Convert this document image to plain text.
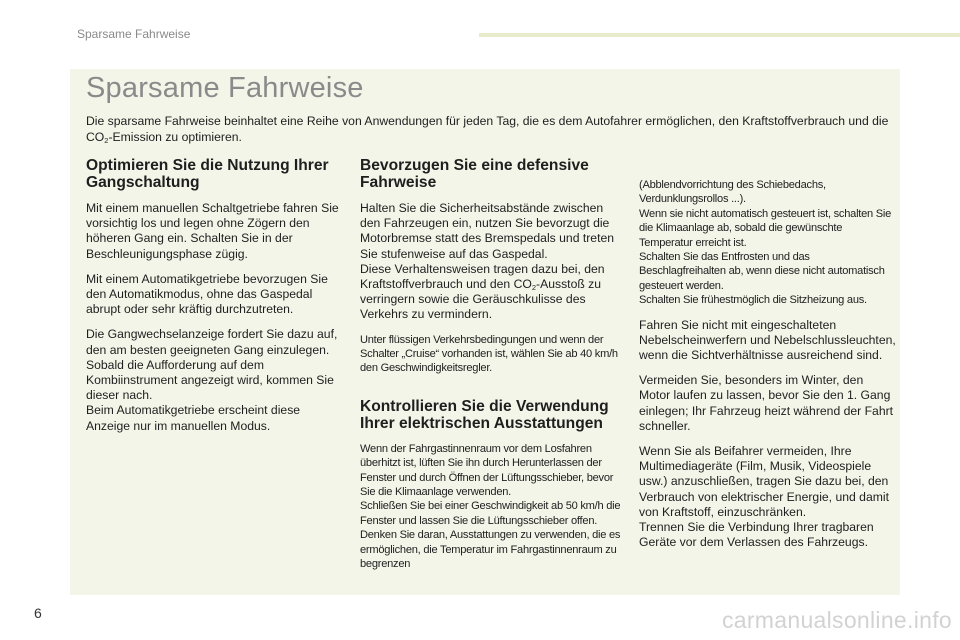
Sparsame Fahrweise
Sparsame Fahrweise

Die sparsame Fahrweise beinhaltet eine Reihe von Anwendungen für jeden Tag, die es dem Autofahrer ermöglichen, den Kraftstoffverbrauch und die $CO_2$-Emission zu optimieren.

Optimieren Sie die Nutzung Ihrer Gangschaltung

Mit einem manuellen Schaltgetriebe fahren Sie vorsichtig los und legen ohne Zögern den höheren Gang ein. Schalten Sie in der Beschleunigungsphase zügig.

Mit einem Automatikgetriebe bevorzugen Sie den Automatikmodus, ohne das Gaspedal abrupt oder sehr kräftig durchzutreten.

Die Gangwechselanzeige fordert Sie dazu auf, den am besten geeigneten Gang einzulegen. Sobald die Aufforderung auf dem Kombiinstrument angezeigt wird, kommen Sie dieser nach.
Beim Automatikgetriebe erscheint diese Anzeige nur im manuellen Modus.

Bevorzugen Sie eine defensive Fahrweise

Halten Sie die Sicherheitsabstände zwischen den Fahrzeugen ein, nutzen Sie bevorzugt die Motorbremse statt des Bremspedals und treten Sie stufenweise auf das Gaspedal.
Diese Verhaltensweisen tragen dazu bei, den Kraftstoffverbrauch und den $CO_2$-Ausstoß zu verringern sowie die Geräuschkulisse des Verkehrs zu vermindern.

Unter flüssigen Verkehrsbedingungen und wenn der Schalter „Cruise“ vorhanden ist, wählen Sie ab 40 km/h den Geschwindigkeitsregler.

Kontrollieren Sie die Verwendung Ihrer elektrischen Ausstattungen

Wenn der Fahrgastinnenraum vor dem Losfahren überhitzt ist, lüften Sie ihn durch Herunterlassen der Fenster und durch Öffnen der Lüftungsschieber, bevor Sie die Klimaanlage verwenden.
Schließen Sie bei einer Geschwindigkeit ab 50 km/h die Fenster und lassen Sie die Lüftungsschieber offen.
Denken Sie daran, Ausstattungen zu verwenden, die es ermöglichen, die Temperatur im Fahrgastinnenraum zu begrenzen

(Abblendvorrichtung des Schiebedachs, Verdunklungsrollos ...).
Wenn sie nicht automatisch gesteuert ist, schalten Sie die Klimaanlage ab, sobald die gewünschte Temperatur erreicht ist.
Schalten Sie das Entfrosten und das Beschlagfreihalten ab, wenn diese nicht automatisch gesteuert werden.
Schalten Sie frühestmöglich die Sitzheizung aus.

Fahren Sie nicht mit eingeschalteten Nebelscheinwerfern und Nebelschlussleuchten, wenn die Sichtverhältnisse ausreichend sind.

Vermeiden Sie, besonders im Winter, den Motor laufen zu lassen, bevor Sie den 1. Gang einlegen; Ihr Fahrzeug heizt während der Fahrt schneller.

Wenn Sie als Beifahrer vermeiden, Ihre Multimediageräte (Film, Musik, Videospiele usw.) anzuschließen, tragen Sie dazu bei, den Verbrauch von elektrischer Energie, und damit von Kraftstoff, einzuschränken.
Trennen Sie die Verbindung Ihrer tragbaren Geräte vor dem Verlassen des Fahrzeugs.

6	carmanualsonline.info
